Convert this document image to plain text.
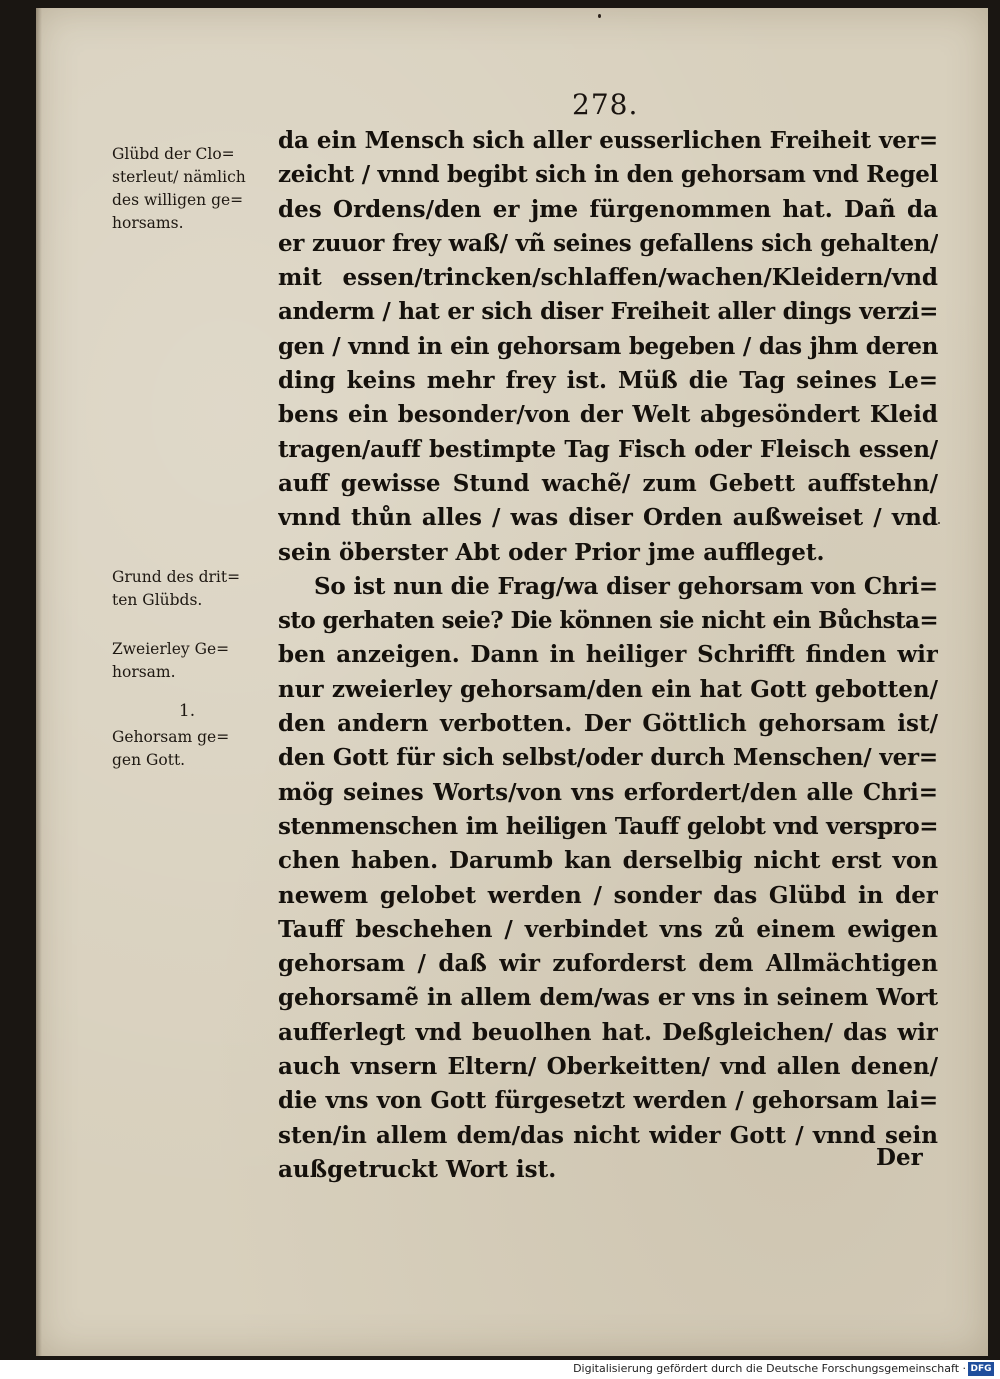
278.
Glübd der Clo=
sterleut/ nämlich
des willigen ge=
horsams.
Grund des drit=
ten Glübds.
Zweierley Ge=
horsam.
1.
Gehorsam ge=
gen Gott.
da ein Mensch sich aller eusserlichen Freiheit ver=
zeicht / vnnd begibt sich in den gehorsam vnd Regel
des Ordens/den er jme fürgenommen hat. Dañ da
er zuuor frey waß/ vñ seines gefallens sich gehalten/
mit essen/trincken/schlaffen/wachen/Kleidern/vnd
anderm / hat er sich diser Freiheit aller dings verzi=
gen / vnnd in ein gehorsam begeben / das jhm deren
ding keins mehr frey ist. Müß die Tag seines Le=
bens ein besonder/von der Welt abgesöndert Kleid
tragen/auff bestimpte Tag Fisch oder Fleisch essen/
auff gewisse Stund wachẽ/ zum Gebett auffstehn/
vnnd thůn alles / was diser Orden außweiset / vnd
sein öberster Abt oder Prior jme auffleget.
So ist nun die Frag/wa diser gehorsam von Chri=
sto gerhaten seie? Die können sie nicht ein Bůchsta=
ben anzeigen. Dann in heiliger Schrifft finden wir
nur zweierley gehorsam/den ein hat Gott gebotten/
den andern verbotten. Der Göttlich gehorsam ist/
den Gott für sich selbst/oder durch Menschen/ ver=
mög seines Worts/von vns erfordert/den alle Chri=
stenmenschen im heiligen Tauff gelobt vnd verspro=
chen haben. Darumb kan derselbig nicht erst von
newem gelobet werden / sonder das Glübd in der
Tauff beschehen / verbindet vns zů einem ewigen
gehorsam / daß wir zuforderst dem Allmächtigen
gehorsamẽ in allem dem/was er vns in seinem Wort
aufferlegt vnd beuolhen hat. Deßgleichen/ das wir
auch vnsern Eltern/ Oberkeitten/ vnd allen denen/
die vns von Gott fürgesetzt werden / gehorsam lai=
sten/in allem dem/das nicht wider Gott / vnnd sein
außgetruckt Wort ist.	Der
Digitalisierung gefördert durch die Deutsche Forschungsgemeinschaft · DFG
